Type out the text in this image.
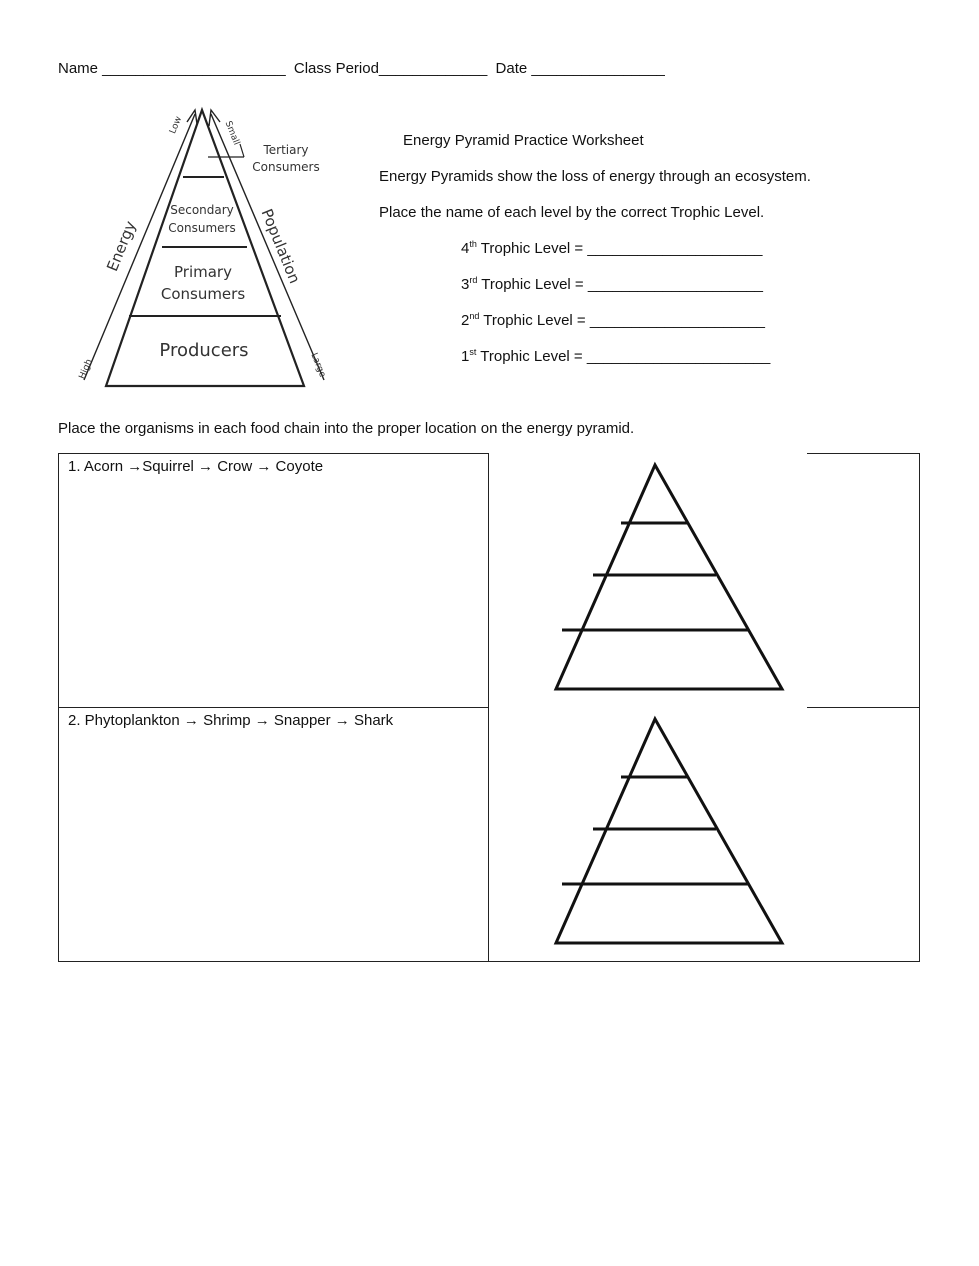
Name ______________________ Class Period_____________ Date ________________
Tertiary
Consumers
Secondary
Consumers
Primary
Consumers
Producers
Energy	Population
Low
High
Small
Large
Energy Pyramid Practice Worksheet
Energy Pyramids show the loss of energy through an ecosystem.
Place the name of each level by the correct Trophic Level.
4th Trophic Level = _____________________
3rd Trophic Level = _____________________
2nd Trophic Level = _____________________
1st Trophic Level = ______________________
Place the organisms in each food chain into the proper location on the energy pyramid.
1. Acorn →Squirrel → Crow → Coyote
2. Phytoplankton → Shrimp → Snapper → Shark
